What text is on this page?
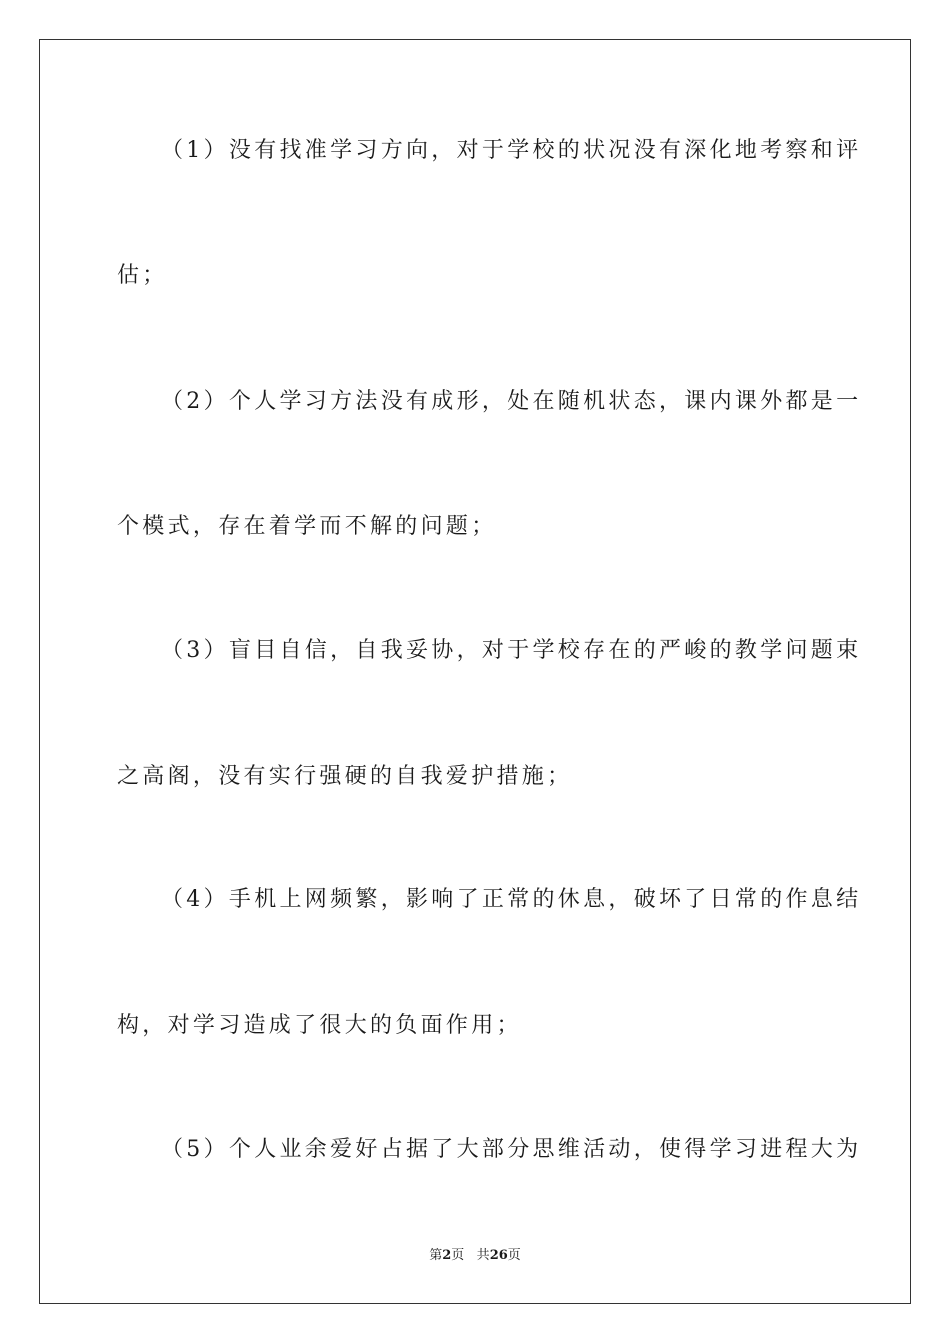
（1）没有找准学习方向，对于学校的状况没有深化地考察和评
估；
（2）个人学习方法没有成形，处在随机状态，课内课外都是一
个模式，存在着学而不解的问题；
（3）盲目自信，自我妥协，对于学校存在的严峻的教学问题束
之高阁，没有实行强硬的自我爱护措施；
（4）手机上网频繁，影响了正常的休息，破坏了日常的作息结
构，对学习造成了很大的负面作用；
（5）个人业余爱好占据了大部分思维活动，使得学习进程大为
第2页 共26页
